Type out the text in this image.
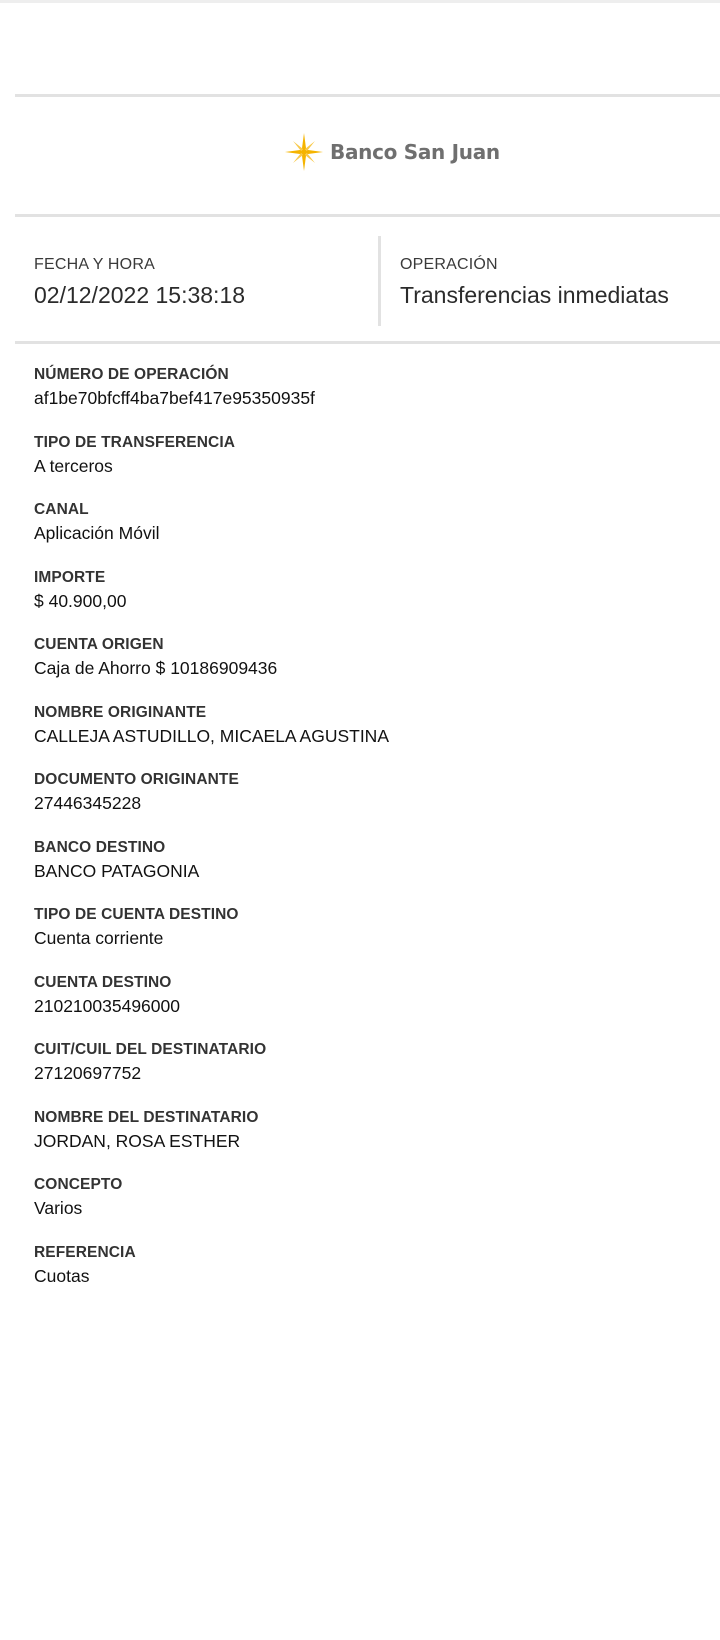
Banco San Juan
FECHA Y HORA
02/12/2022 15:38:18
OPERACIÓN
Transferencias inmediatas
NÚMERO DE OPERACIÓN
af1be70bfcff4ba7bef417e95350935f
TIPO DE TRANSFERENCIA
A terceros
CANAL
Aplicación Móvil
IMPORTE
$ 40.900,00
CUENTA ORIGEN
Caja de Ahorro $ 10186909436
NOMBRE ORIGINANTE
CALLEJA ASTUDILLO, MICAELA AGUSTINA
DOCUMENTO ORIGINANTE
27446345228
BANCO DESTINO
BANCO PATAGONIA
TIPO DE CUENTA DESTINO
Cuenta corriente
CUENTA DESTINO
210210035496000
CUIT/CUIL DEL DESTINATARIO
27120697752
NOMBRE DEL DESTINATARIO
JORDAN, ROSA ESTHER
CONCEPTO
Varios
REFERENCIA
Cuotas
